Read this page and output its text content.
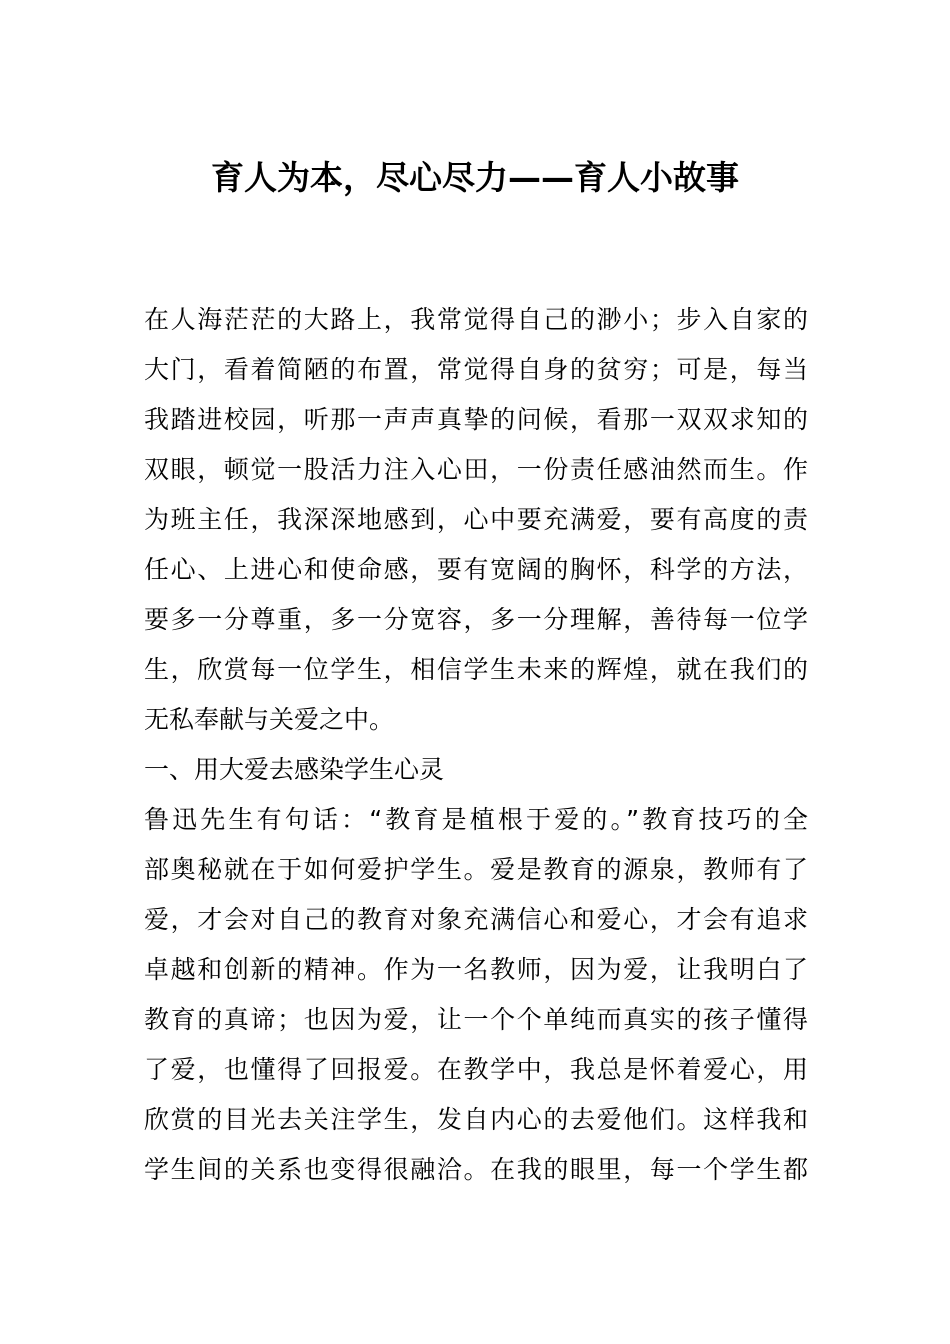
育人为本，尽心尽力——育人小故事
在人海茫茫的大路上，我常觉得自己的渺小；步入自家的
大门，看着简陋的布置，常觉得自身的贫穷；可是，每当
我踏进校园，听那一声声真挚的问候，看那一双双求知的
双眼，顿觉一股活力注入心田，一份责任感油然而生。作
为班主任，我深深地感到，心中要充满爱，要有高度的责
任心、上进心和使命感，要有宽阔的胸怀，科学的方法，
要多一分尊重，多一分宽容，多一分理解，善待每一位学
生，欣赏每一位学生，相信学生未来的辉煌，就在我们的
无私奉献与关爱之中。
一、用大爱去感染学生心灵
鲁迅先生有句话：“教育是植根于爱的。”教育技巧的全
部奥秘就在于如何爱护学生。爱是教育的源泉，教师有了
爱，才会对自己的教育对象充满信心和爱心，才会有追求
卓越和创新的精神。作为一名教师，因为爱，让我明白了
教育的真谛；也因为爱，让一个个单纯而真实的孩子懂得
了爱，也懂得了回报爱。在教学中，我总是怀着爱心，用
欣赏的目光去关注学生，发自内心的去爱他们。这样我和
学生间的关系也变得很融洽。在我的眼里，每一个学生都
